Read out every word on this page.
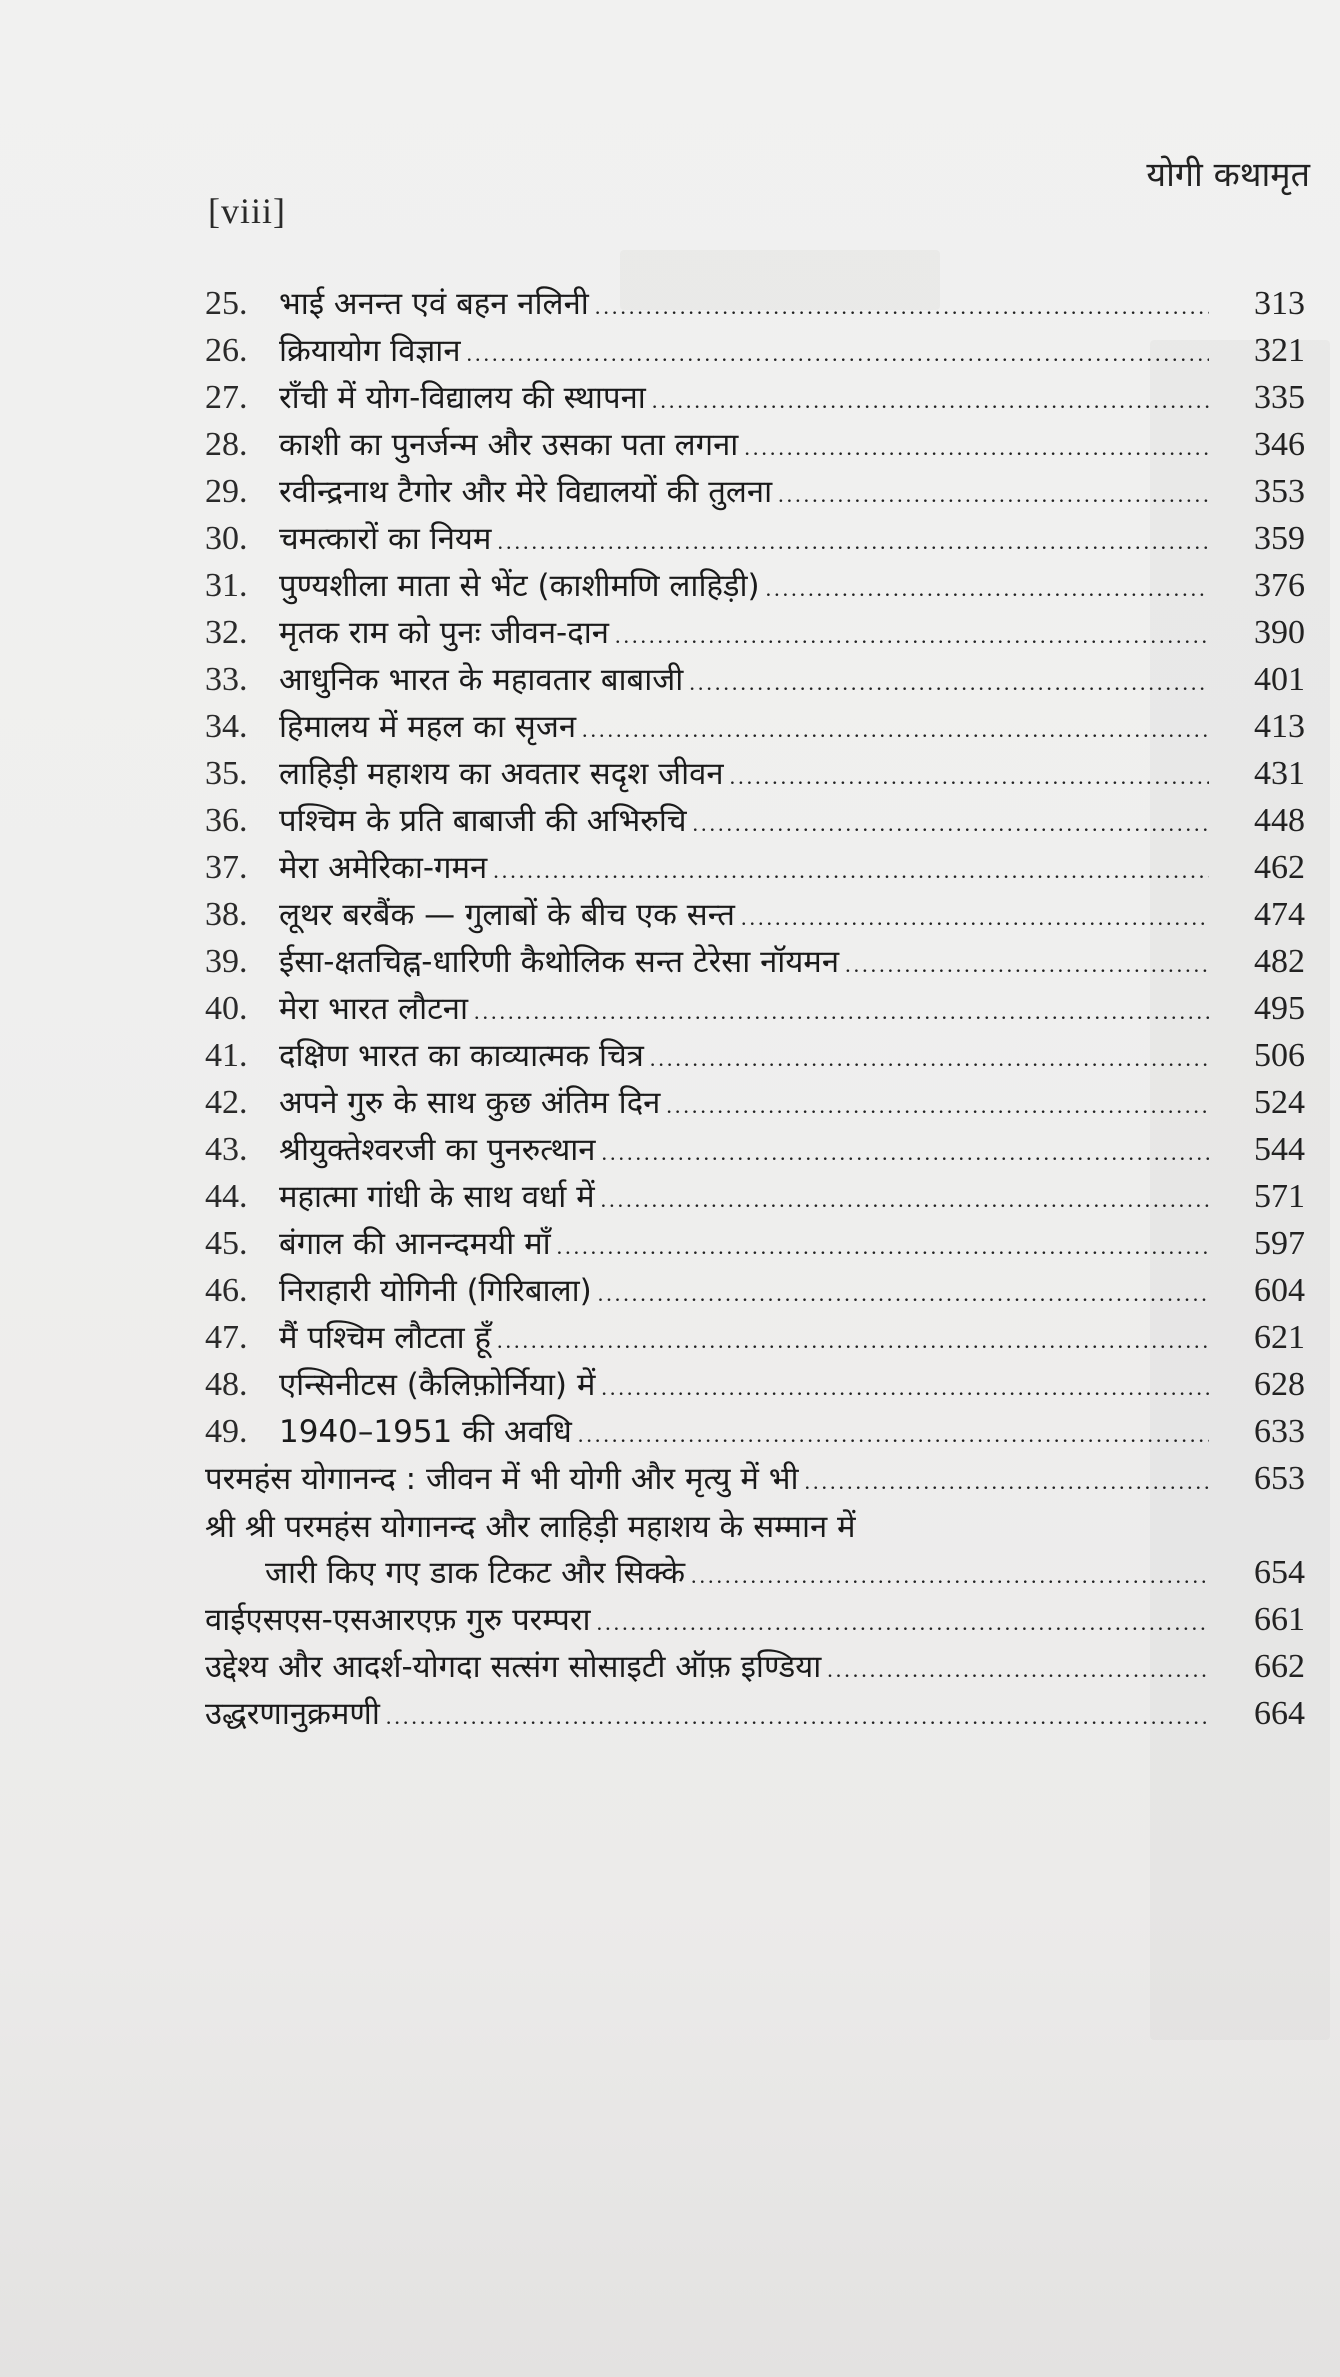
योगी कथामृत
[viii]
25.	भाई अनन्त एवं बहन नलिनी .....	313
26.	क्रियायोग विज्ञान .....	321
27.	राँची में योग-विद्यालय की स्थापना .....	335
28.	काशी का पुनर्जन्म और उसका पता लगना .....	346
29.	रवीन्द्रनाथ टैगोर और मेरे विद्यालयों की तुलना .....	353
30.	चमत्कारों का नियम .....	359
31.	पुण्यशीला माता से भेंट (काशीमणि लाहिड़ी) .....	376
32.	मृतक राम को पुनः जीवन-दान .....	390
33.	आधुनिक भारत के महावतार बाबाजी .....	401
34.	हिमालय में महल का सृजन .....	413
35.	लाहिड़ी महाशय का अवतार सदृश जीवन .....	431
36.	पश्चिम के प्रति बाबाजी की अभिरुचि .....	448
37.	मेरा अमेरिका-गमन .....	462
38.	लूथर बरबैंक — गुलाबों के बीच एक सन्त .....	474
39.	ईसा-क्षतचिह्न-धारिणी कैथोलिक सन्त टेरेसा नॉयमन .....	482
40.	मेरा भारत लौटना .....	495
41.	दक्षिण भारत का काव्यात्मक चित्र .....	506
42.	अपने गुरु के साथ कुछ अंतिम दिन .....	524
43.	श्रीयुक्तेश्वरजी का पुनरुत्थान .....	544
44.	महात्मा गांधी के साथ वर्धा में .....	571
45.	बंगाल की आनन्दमयी माँ .....	597
46.	निराहारी योगिनी (गिरिबाला) .....	604
47.	मैं पश्चिम लौटता हूँ .....	621
48.	एन्सिनीटस (कैलिफ़ोर्निया) में .....	628
49.	1940–1951 की अवधि .....	633
परमहंस योगानन्द : जीवन में भी योगी और मृत्यु में भी .....	653
श्री श्री परमहंस योगानन्द और लाहिड़ी महाशय के सम्मान में
जारी किए गए डाक टिकट और सिक्के .....	654
वाईएसएस-एसआरएफ़ गुरु परम्परा .....	661
उद्देश्य और आदर्श-योगदा सत्संग सोसाइटी ऑफ़ इण्डिया .....	662
उद्धरणानुक्रमणी .....	664
